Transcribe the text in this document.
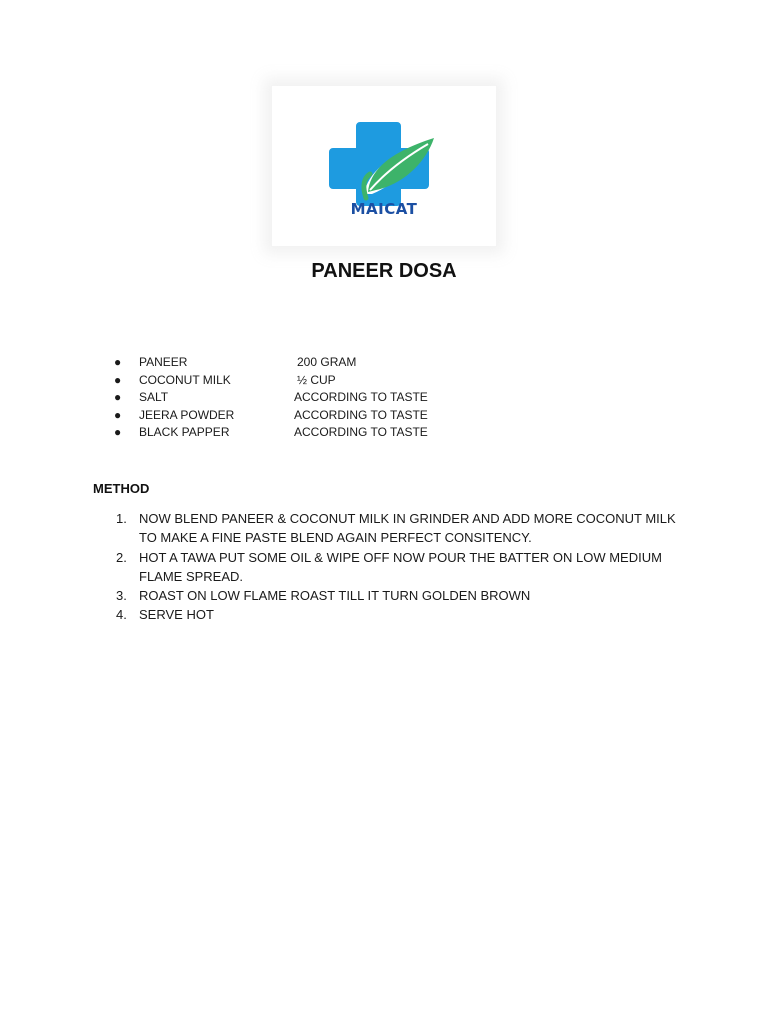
MAICAT
PANEER DOSA
● PANEER	200 GRAM
● COCONUT MILK	½ CUP
● SALT	ACCORDING TO TASTE
● JEERA POWDER	ACCORDING TO TASTE
● BLACK PAPPER	ACCORDING TO TASTE
METHOD
1. NOW BLEND PANEER & COCONUT MILK IN GRINDER AND ADD MORE COCONUT MILK TO MAKE A FINE PASTE BLEND AGAIN PERFECT CONSITENCY.
2. HOT A TAWA PUT SOME OIL & WIPE OFF NOW POUR THE BATTER ON LOW MEDIUM FLAME SPREAD.
3. ROAST ON LOW FLAME ROAST TILL IT TURN GOLDEN BROWN
4. SERVE HOT
